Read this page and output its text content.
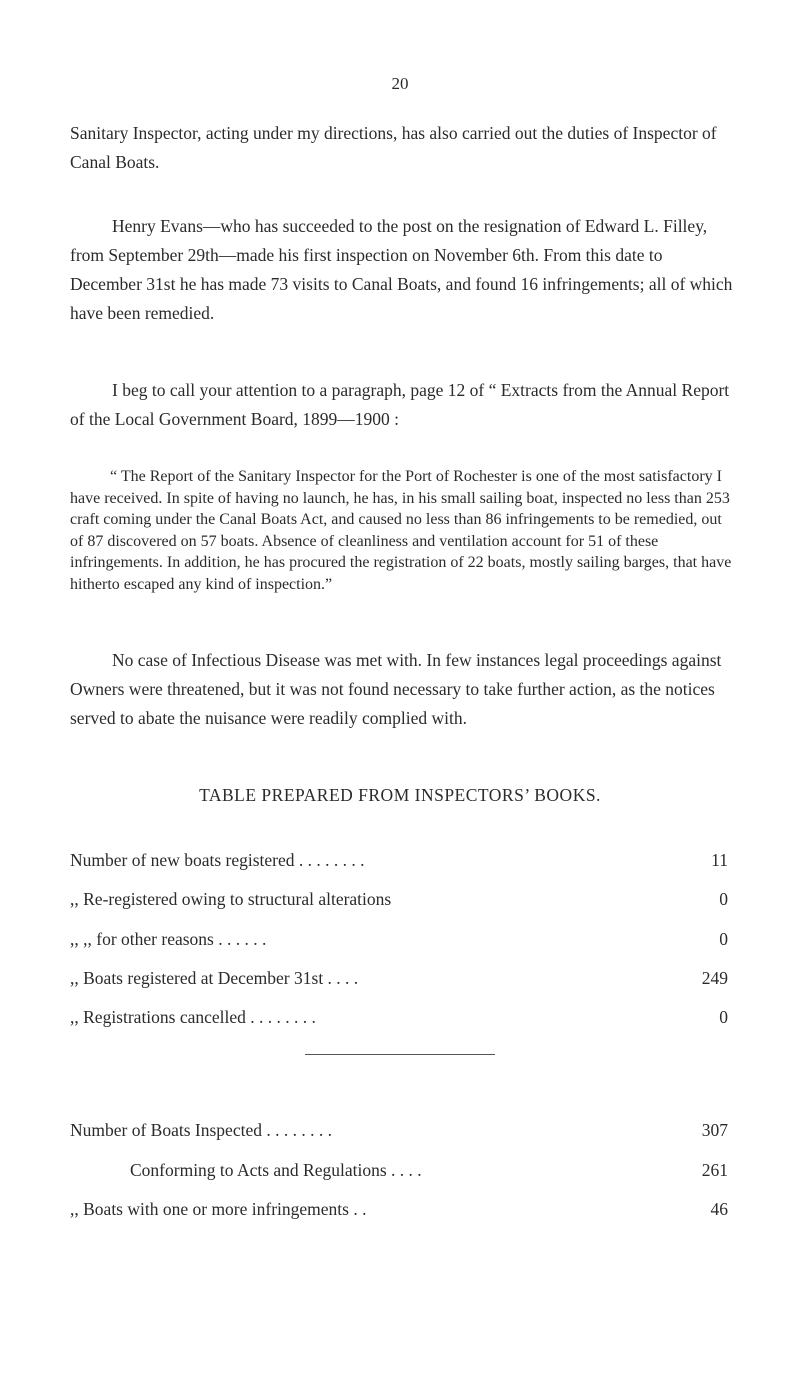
20

Sanitary Inspector, acting under my directions, has also carried out the duties of Inspector of Canal Boats.

Henry Evans—who has succeeded to the post on the resignation of Edward L. Filley, from September 29th—made his first inspection on November 6th. From this date to December 31st he has made 73 visits to Canal Boats, and found 16 infringements; all of which have been remedied.

I beg to call your attention to a paragraph, page 12 of “ Extracts from the Annual Report of the Local Government Board, 1899—1900 :

“ The Report of the Sanitary Inspector for the Port of Rochester is one of the most satisfactory I have received. In spite of having no launch, he has, in his small sailing boat, inspected no less than 253 craft coming under the Canal Boats Act, and caused no less than 86 infringements to be remedied, out of 87 discovered on 57 boats. Absence of cleanliness and ventilation account for 51 of these infringements. In addition, he has procured the registration of 22 boats, mostly sailing barges, that have hitherto escaped any kind of inspection.”

No case of Infectious Disease was met with. In few instances legal proceedings against Owners were threatened, but it was not found necessary to take further action, as the notices served to abate the nuisance were readily complied with.

TABLE PREPARED FROM INSPECTORS’ BOOKS.
Number of new boats registered . . . . . . . .	11
,, Re-registered owing to structural alterations	0
,, ,, for other reasons . . . . . .	0
,, Boats registered at December 31st . . . .	249
,, Registrations cancelled . . . . . . . .	0
Number of Boats Inspected . . . . . . . .	307
Conforming to Acts and Regulations . . . .	261
,, Boats with one or more infringements . .	46
